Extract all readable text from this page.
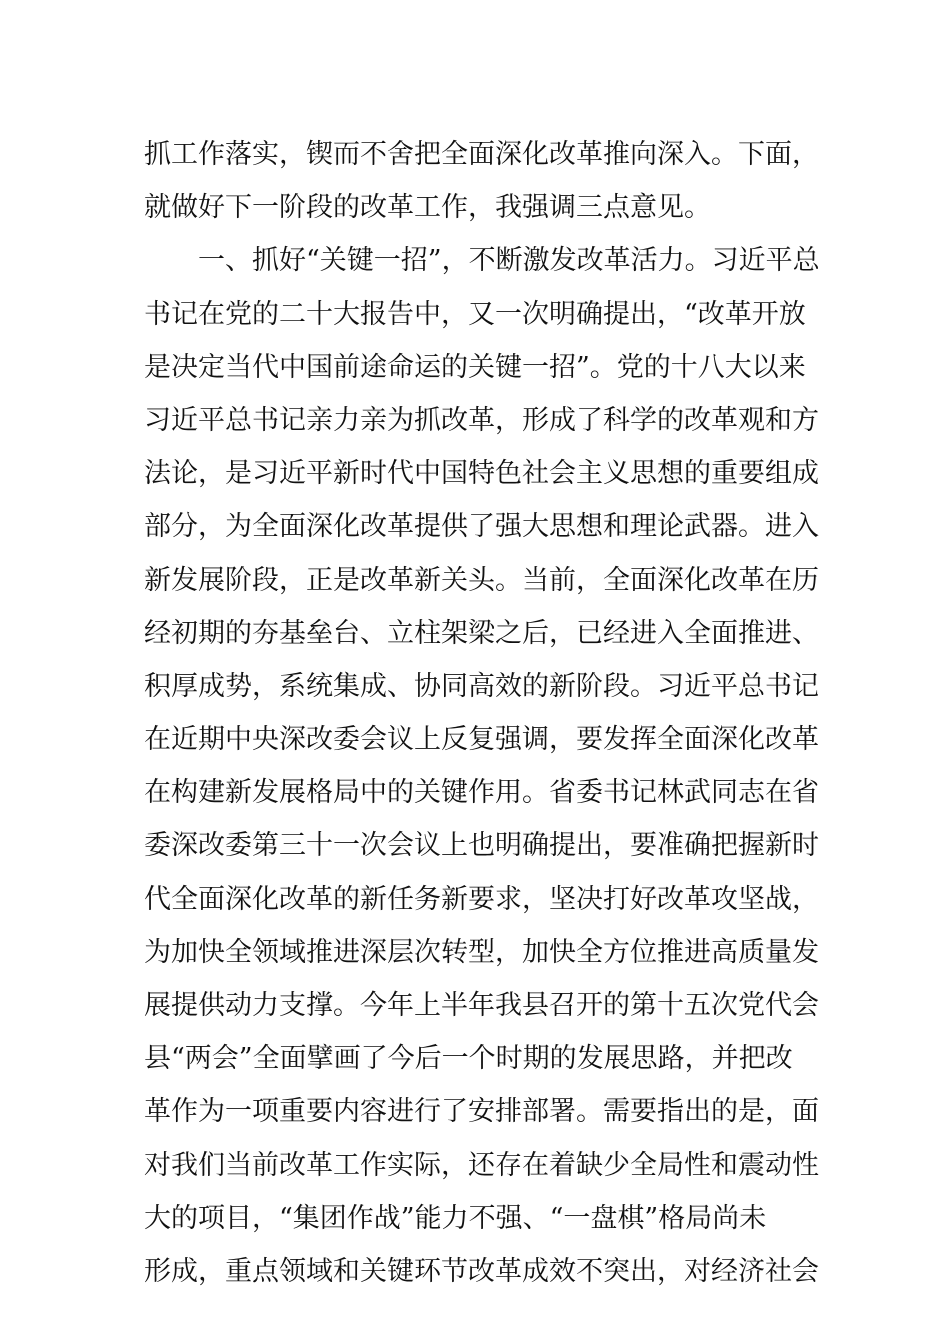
抓工作落实，锲而不舍把全面深化改革推向深入。下面，
就做好下一阶段的改革工作，我强调三点意见。
　　一、抓好“关键一招”，不断激发改革活力。习近平总
书记在党的二十大报告中，又一次明确提出，“改革开放
是决定当代中国前途命运的关键一招”。党的十八大以来
习近平总书记亲力亲为抓改革，形成了科学的改革观和方
法论，是习近平新时代中国特色社会主义思想的重要组成
部分，为全面深化改革提供了强大思想和理论武器。进入
新发展阶段，正是改革新关头。当前，全面深化改革在历
经初期的夯基垒台、立柱架梁之后，已经进入全面推进、
积厚成势，系统集成、协同高效的新阶段。习近平总书记
在近期中央深改委会议上反复强调，要发挥全面深化改革
在构建新发展格局中的关键作用。省委书记林武同志在省
委深改委第三十一次会议上也明确提出，要准确把握新时
代全面深化改革的新任务新要求，坚决打好改革攻坚战，
为加快全领域推进深层次转型，加快全方位推进高质量发
展提供动力支撑。今年上半年我县召开的第十五次党代会
县“两会”全面擘画了今后一个时期的发展思路，并把改
革作为一项重要内容进行了安排部署。需要指出的是，面
对我们当前改革工作实际，还存在着缺少全局性和震动性
大的项目，“集团作战”能力不强、“一盘棋”格局尚未
形成，重点领域和关键环节改革成效不突出，对经济社会
